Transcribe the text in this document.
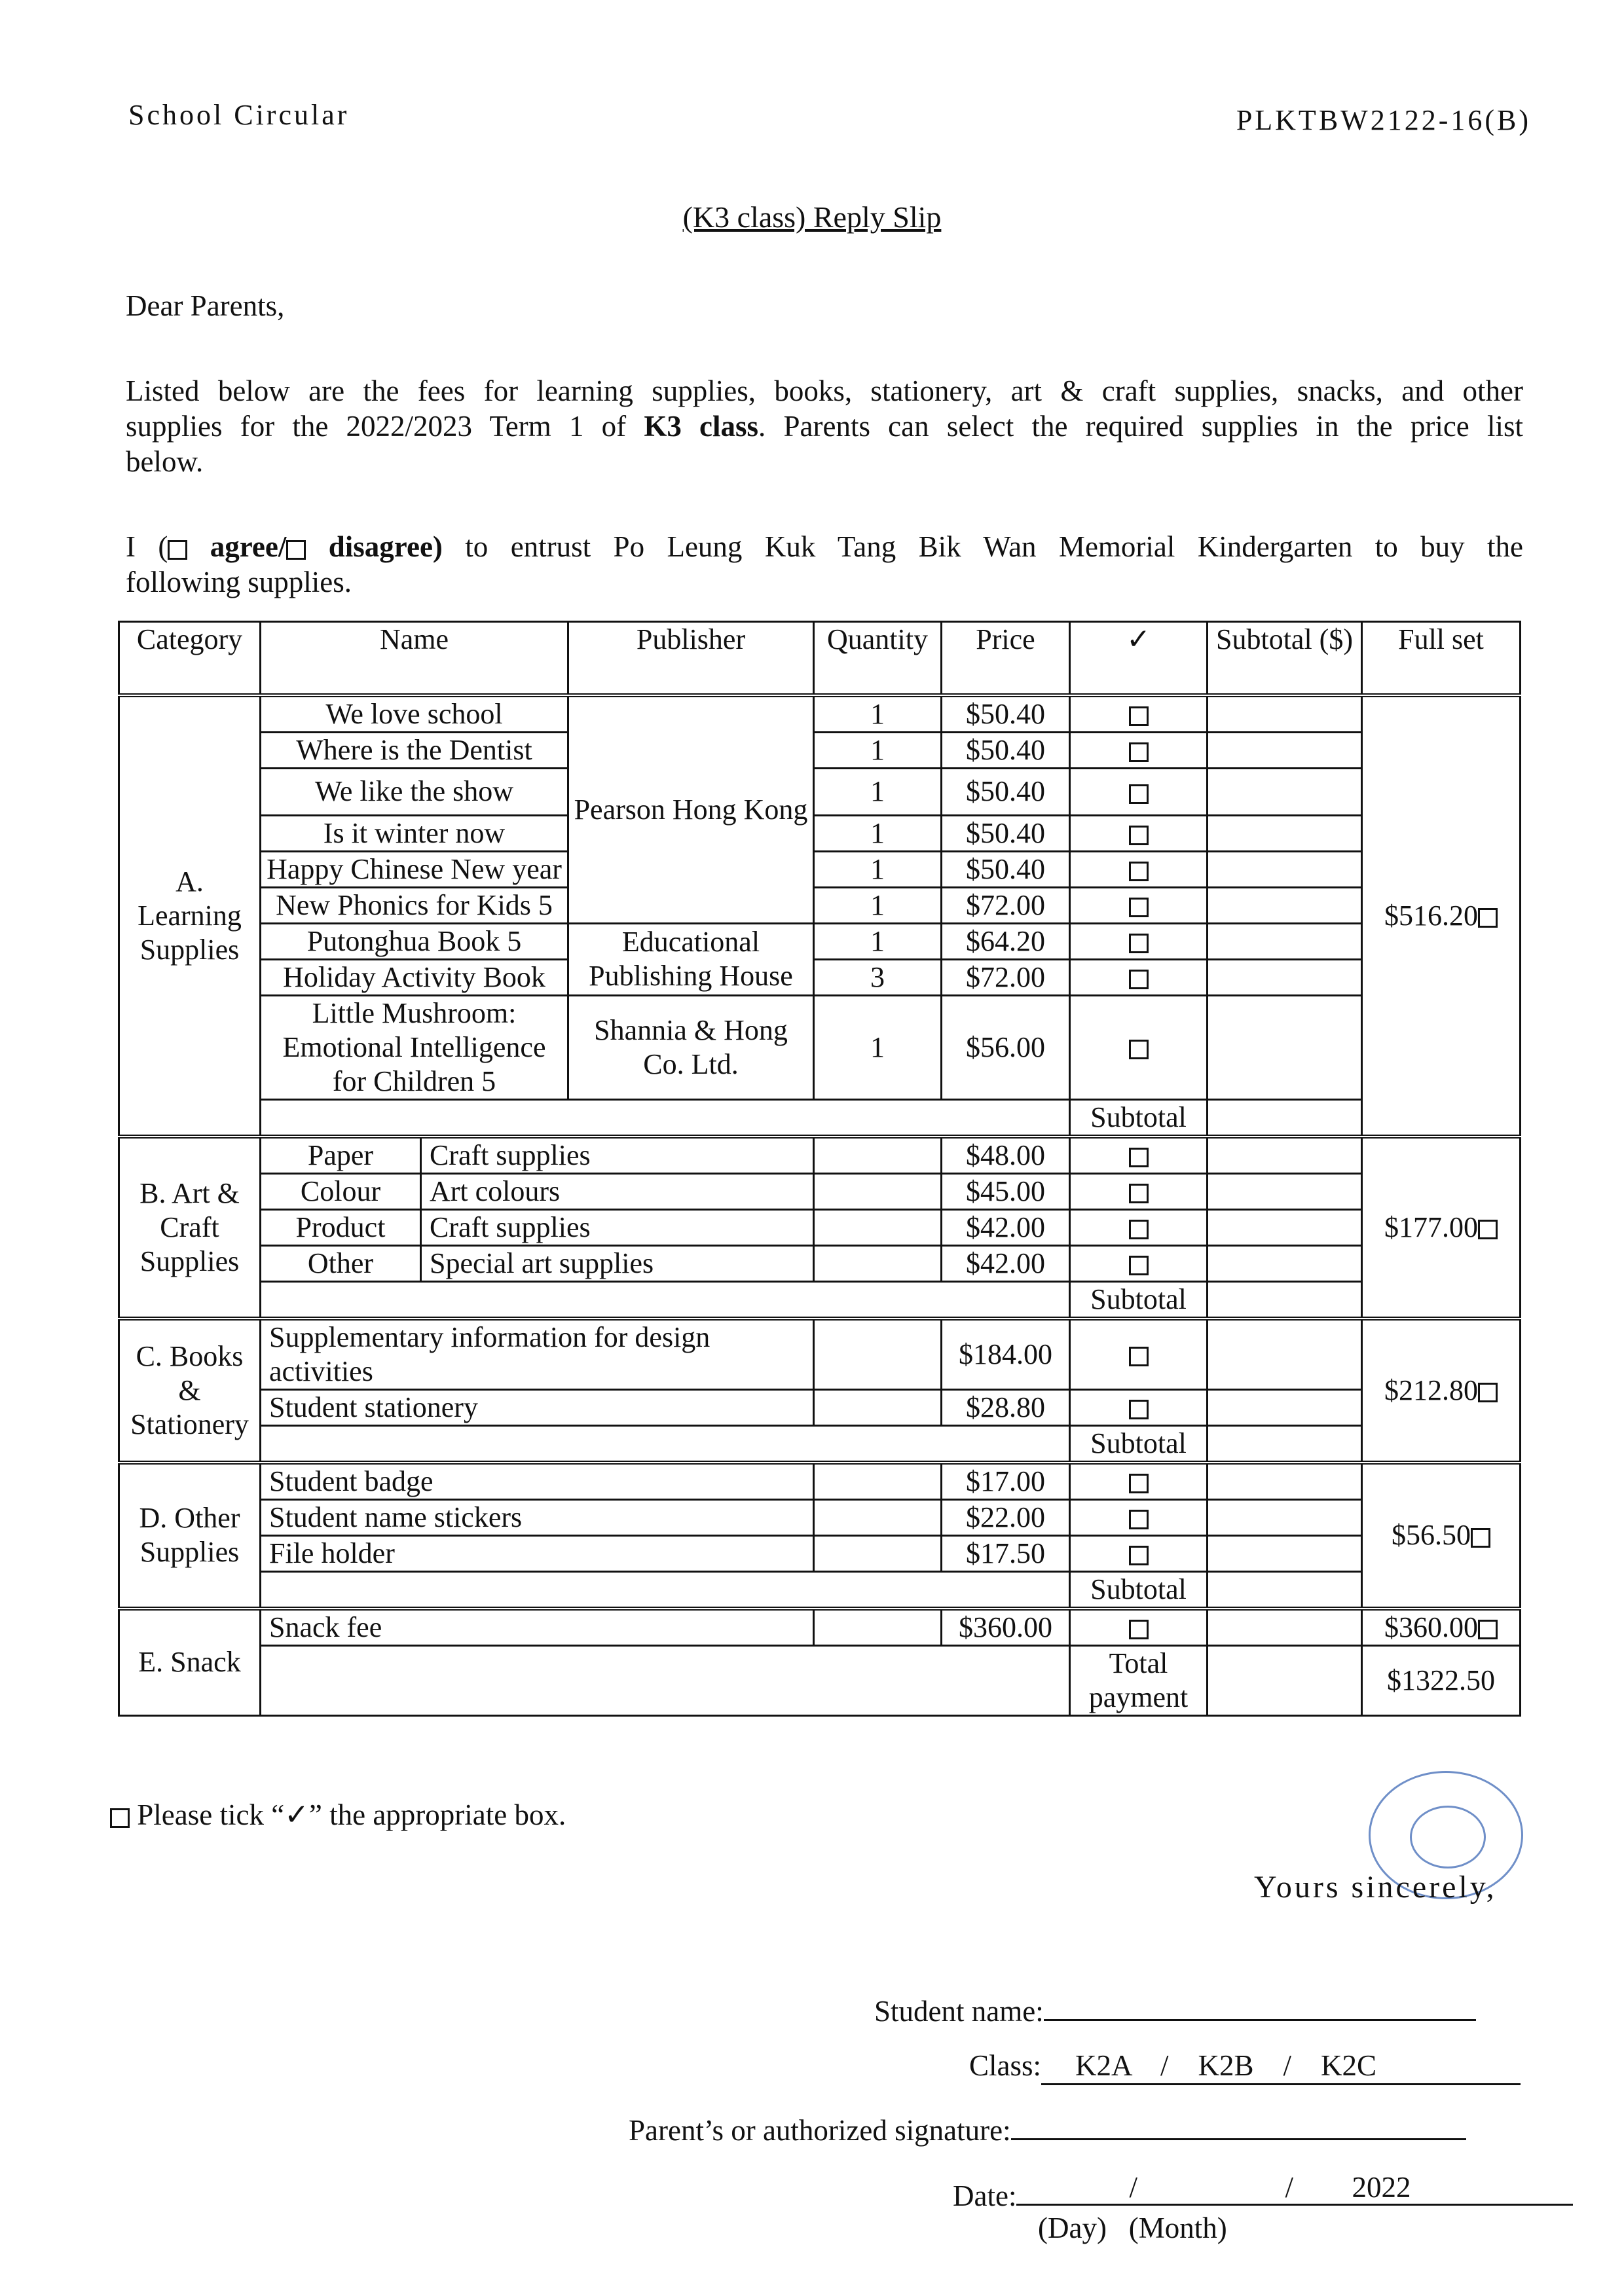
School Circular	PLKTBW2122-16(B)
(K3 class) Reply Slip
Dear Parents,
Listed below are the fees for learning supplies, books, stationery, art & craft supplies, snacks, and other
supplies for the 2022/2023 Term 1 of K3 class. Parents can select the required supplies in the price list
below.
I ( agree/ disagree) to entrust Po Leung Kuk Tang Bik Wan Memorial Kindergarten to buy the
following supplies.
Category	Name		Publisher	Quantity	Price	✓	Subtotal ($)	Full set
A. Learning Supplies	We love school		Pearson Hong Kong	1	$50.40			$516.20
	Where is the Dentist			1	$50.40			
	We like the show			1	$50.40			
	Is it winter now			1	$50.40			
	Happy Chinese New year			1	$50.40			
	New Phonics for Kids 5			1	$72.00			
	Putonghua Book 5		Educational Publishing House	1	$64.20			
	Holiday Activity Book			3	$72.00			
	Little Mushroom: Emotional Intelligence for Children 5		Shannia & Hong Co. Ltd.	1	$56.00			
						Subtotal		
B. Art & Craft Supplies	Paper	Craft supplies			$48.00			$177.00
	Colour	Art colours			$45.00			
	Product	Craft supplies			$42.00			
	Other	Special art supplies			$42.00			
						Subtotal		
C. Books & Stationery	Supplementary information for design activities				$184.00			$212.80
	Student stationery				$28.80			
						Subtotal		
D. Other Supplies	Student badge				$17.00			$56.50
	Student name stickers				$22.00			
	File holder				$17.50			
						Subtotal		
E. Snack	Snack fee				$360.00			$360.00
						Total payment		$1322.50
Please tick “✓” the appropriate box.
Yours sincerely,
Student name:
Class: K2A    /    K2B    /    K2C
Parent’s or authorized signature:
Date:	/	/ 2022
(Day) (Month)
